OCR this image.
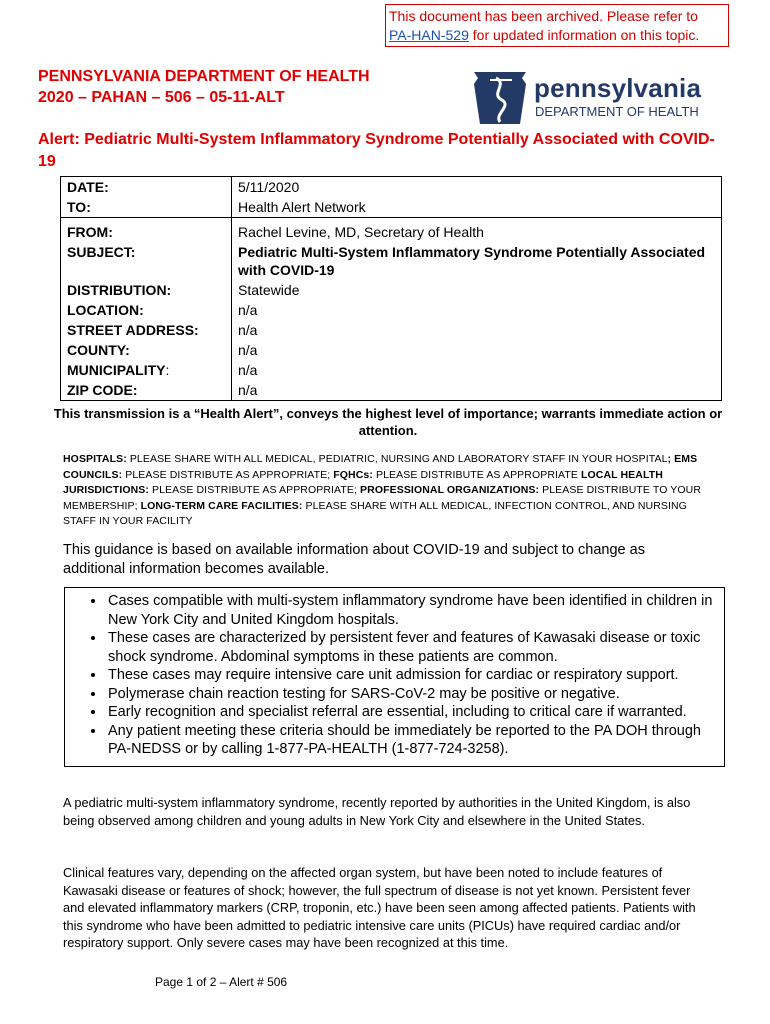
This document has been archived. Please refer to
PA-HAN-529 for updated information on this topic.
PENNSYLVANIA DEPARTMENT OF HEALTH
2020 – PAHAN – 506 – 05-11-ALT	pennsylvania
DEPARTMENT OF HEALTH
Alert: Pediatric Multi-System Inflammatory Syndrome Potentially Associated with COVID-19
DATE:	5/11/2020
TO:	Health Alert Network
FROM:	Rachel Levine, MD, Secretary of Health
SUBJECT:	Pediatric Multi-System Inflammatory Syndrome Potentially Associated with COVID-19
DISTRIBUTION:	Statewide
LOCATION:	n/a
STREET ADDRESS:	n/a
COUNTY:	n/a
MUNICIPALITY:	n/a
ZIP CODE:	n/a
This transmission is a “Health Alert”, conveys the highest level of importance; warrants immediate action or attention.
HOSPITALS: PLEASE SHARE WITH ALL MEDICAL, PEDIATRIC, NURSING AND LABORATORY STAFF IN YOUR HOSPITAL; EMS COUNCILS: PLEASE DISTRIBUTE AS APPROPRIATE; FQHCs: PLEASE DISTRIBUTE AS APPROPRIATE LOCAL HEALTH JURISDICTIONS: PLEASE DISTRIBUTE AS APPROPRIATE; PROFESSIONAL ORGANIZATIONS: PLEASE DISTRIBUTE TO YOUR MEMBERSHIP; LONG-TERM CARE FACILITIES: PLEASE SHARE WITH ALL MEDICAL, INFECTION CONTROL, AND NURSING STAFF IN YOUR FACILITY
This guidance is based on available information about COVID-19 and subject to change as additional information becomes available.
• Cases compatible with multi-system inflammatory syndrome have been identified in children in New York City and United Kingdom hospitals.
• These cases are characterized by persistent fever and features of Kawasaki disease or toxic shock syndrome. Abdominal symptoms in these patients are common.
• These cases may require intensive care unit admission for cardiac or respiratory support.
• Polymerase chain reaction testing for SARS-CoV-2 may be positive or negative.
• Early recognition and specialist referral are essential, including to critical care if warranted.
• Any patient meeting these criteria should be immediately be reported to the PA DOH through PA-NEDSS or by calling 1-877-PA-HEALTH (1-877-724-3258).
A pediatric multi-system inflammatory syndrome, recently reported by authorities in the United Kingdom, is also being observed among children and young adults in New York City and elsewhere in the United States.
Clinical features vary, depending on the affected organ system, but have been noted to include features of Kawasaki disease or features of shock; however, the full spectrum of disease is not yet known. Persistent fever and elevated inflammatory markers (CRP, troponin, etc.) have been seen among affected patients. Patients with this syndrome who have been admitted to pediatric intensive care units (PICUs) have required cardiac and/or respiratory support. Only severe cases may have been recognized at this time.
Page 1 of 2 – Alert # 506
